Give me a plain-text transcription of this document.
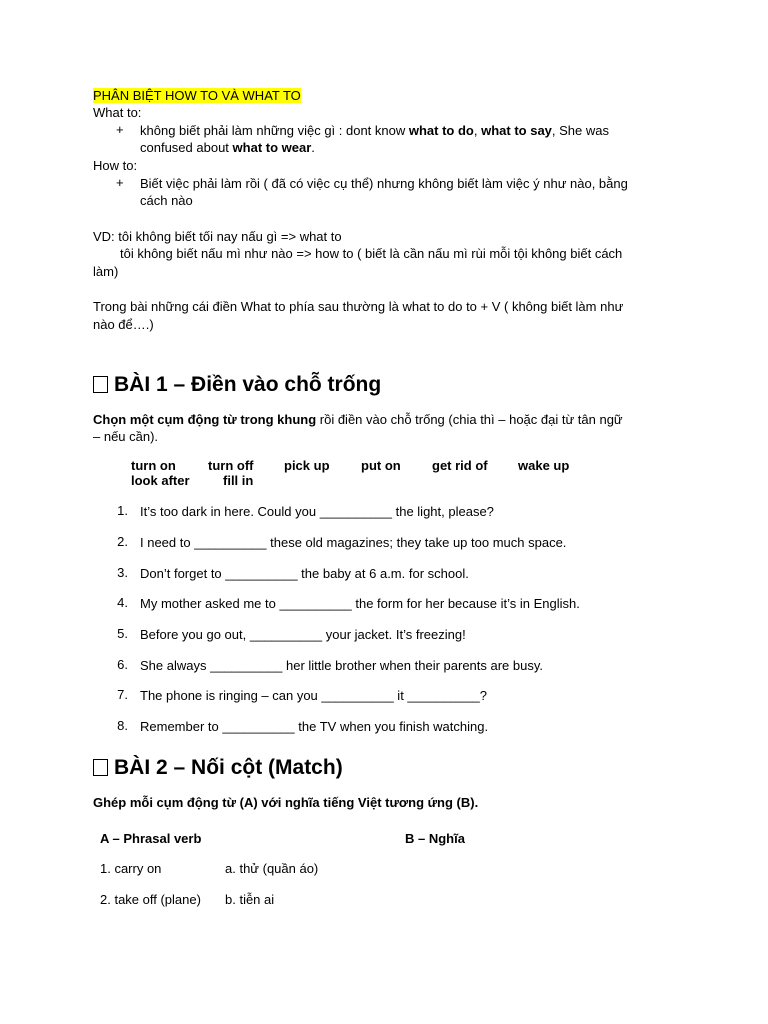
PHÂN BIỆT HOW TO VÀ WHAT TO
What to:
+ không biết phải làm những việc gì : dont know what to do, what to say, She was
confused about what to wear.
How to:
+ Biết việc phải làm rồi ( đã có việc cụ thể) nhưng không biết làm việc ý như nào, bằng
cách nào
VD: tôi không biết tối nay nấu gì => what to
tôi không biết nấu mì như nào => how to ( biết là cần nấu mì rùi mỗi tội không biết cách
làm)
Trong bài những cái điền What to phía sau thường là what to do to + V ( không biết làm như
nào để….)
BÀI 1 – Điền vào chỗ trống
Chọn một cụm động từ trong khung rồi điền vào chỗ trống (chia thì – hoặc đại từ tân ngữ
– nếu cần).
turn on turn off pick up put on get rid of wake up
look after	fill in
1. It’s too dark in here. Could you __________ the light, please?
2. I need to __________ these old magazines; they take up too much space.
3. Don’t forget to __________ the baby at 6 a.m. for school.
4. My mother asked me to __________ the form for her because it’s in English.
5. Before you go out, __________ your jacket. It’s freezing!
6. She always __________ her little brother when their parents are busy.
7. The phone is ringing – can you __________ it __________?
8. Remember to __________ the TV when you finish watching.
BÀI 2 – Nối cột (Match)
Ghép mỗi cụm động từ (A) với nghĩa tiếng Việt tương ứng (B).
A – Phrasal verb	B – Nghĩa
1. carry on	a. thử (quần áo)
2. take off (plane) b. tiễn ai
